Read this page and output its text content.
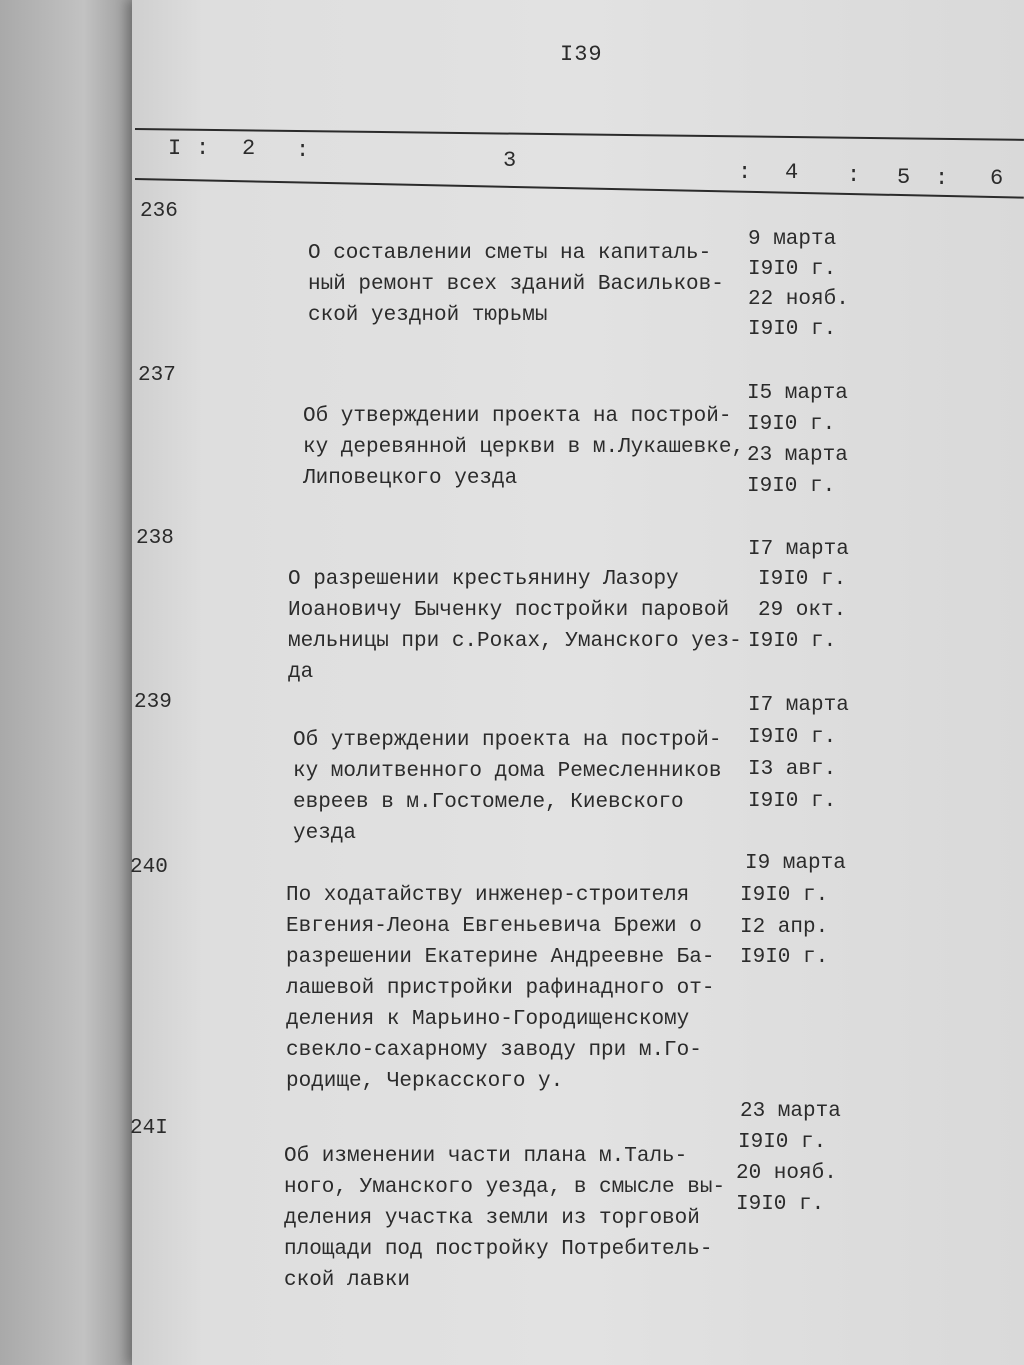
I39
I : 2 :	3	: 4 : 5 : 6
236

О составлении сметы на капиталь-
ный ремонт всех зданий Васильков-
ской уездной тюрьмы
9 марта
I9I0 г.
22 нояб.
I9I0 г.
237

Об утверждении проекта на построй-
ку деревянной церкви в м.Лукашевке,
Липовецкого уезда
I5 марта
I9I0 г.
23 марта
I9I0 г.
238

О разрешении крестьянину Лазору
Иоановичу Быченку постройки паровой
мельницы при с.Роках, Уманского уез-
да
I7 марта
I9I0 г.
29 окт.
I9I0 г.
239

Об утверждении проекта на построй-
ку молитвенного дома Ремесленников
евреев в м.Гостомеле, Киевского
уезда
I7 марта
I9I0 г.
I3 авг.
I9I0 г.
240

По ходатайству инженер-строителя
Евгения-Леона Евгеньевича Брежи о
разрешении Екатерине Андреевне Ба-
лашевой пристройки рафинадного от-
деления к Марьино-Городищенскому
свекло-сахарному заводу при м.Го-
родище, Черкасского у.
I9 марта
I9I0 г.
I2 апр.
I9I0 г.
24I

Об изменении части плана м.Таль-
ного, Уманского уезда, в смысле вы-
деления участка земли из торговой
площади под постройку Потребитель-
ской лавки
23 марта
I9I0 г.
20 нояб.
I9I0 г.
